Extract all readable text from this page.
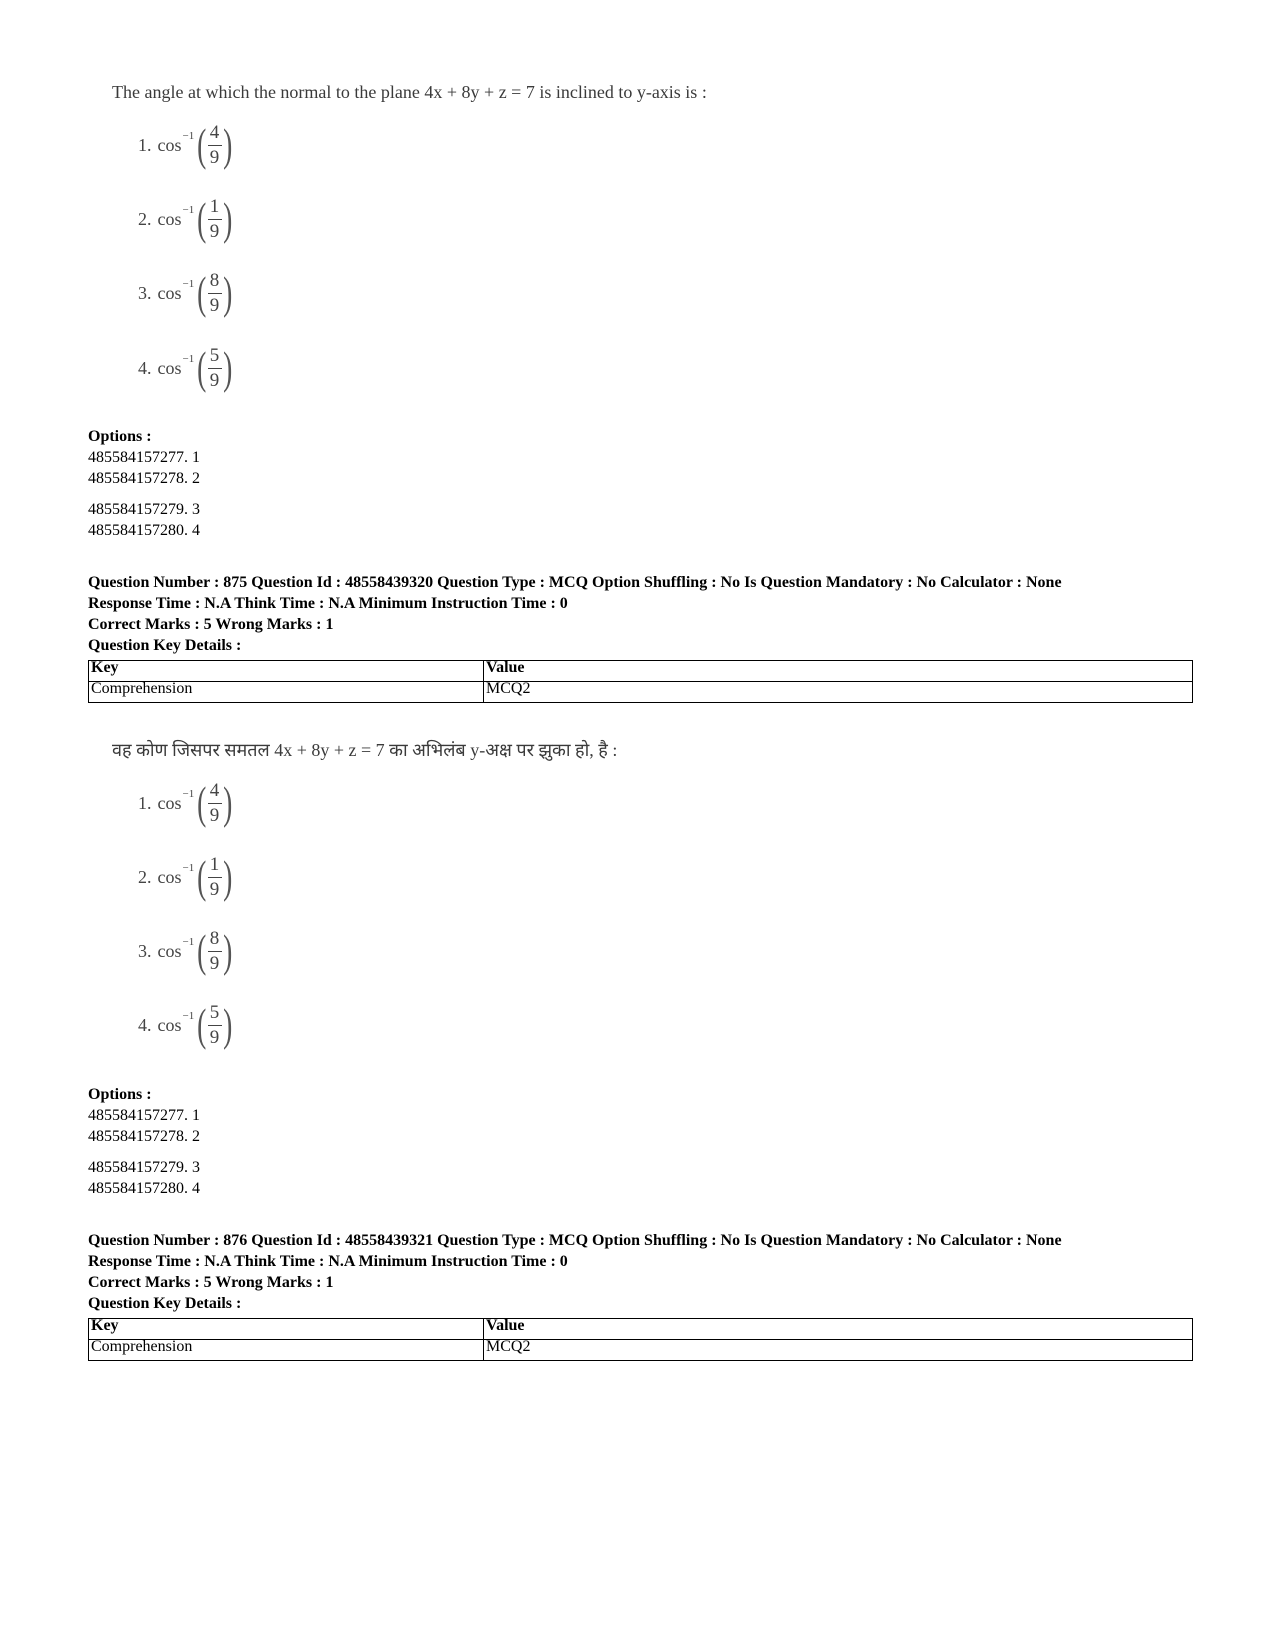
The angle at which the normal to the plane 4x + 8y + z = 7 is inclined to y-axis is :
1. cos −1 ( $\frac{4}{9}$ )
2. cos −1 ( $\frac{1}{9}$ )
3. cos −1 ( $\frac{8}{9}$ )
4. cos −1 ( $\frac{5}{9}$ )
Options :
485584157277. 1
485584157278. 2
485584157279. 3
485584157280. 4
Question Number : 875 Question Id : 48558439320 Question Type : MCQ Option Shuffling : No Is Question Mandatory : No Calculator : None
Response Time : N.A Think Time : N.A Minimum Instruction Time : 0
Correct Marks : 5 Wrong Marks : 1
Question Key Details :
Key	Value
Comprehension	MCQ2
वह कोण जिसपर समतल 4x + 8y + z = 7 का अभिलंब y-अक्ष पर झुका हो, है :
1. cos −1 ( $\frac{4}{9}$ )
2. cos −1 ( $\frac{1}{9}$ )
3. cos −1 ( $\frac{8}{9}$ )
4. cos −1 ( $\frac{5}{9}$ )
Options :
485584157277. 1
485584157278. 2
485584157279. 3
485584157280. 4
Question Number : 876 Question Id : 48558439321 Question Type : MCQ Option Shuffling : No Is Question Mandatory : No Calculator : None
Response Time : N.A Think Time : N.A Minimum Instruction Time : 0
Correct Marks : 5 Wrong Marks : 1
Question Key Details :
Key	Value
Comprehension	MCQ2
